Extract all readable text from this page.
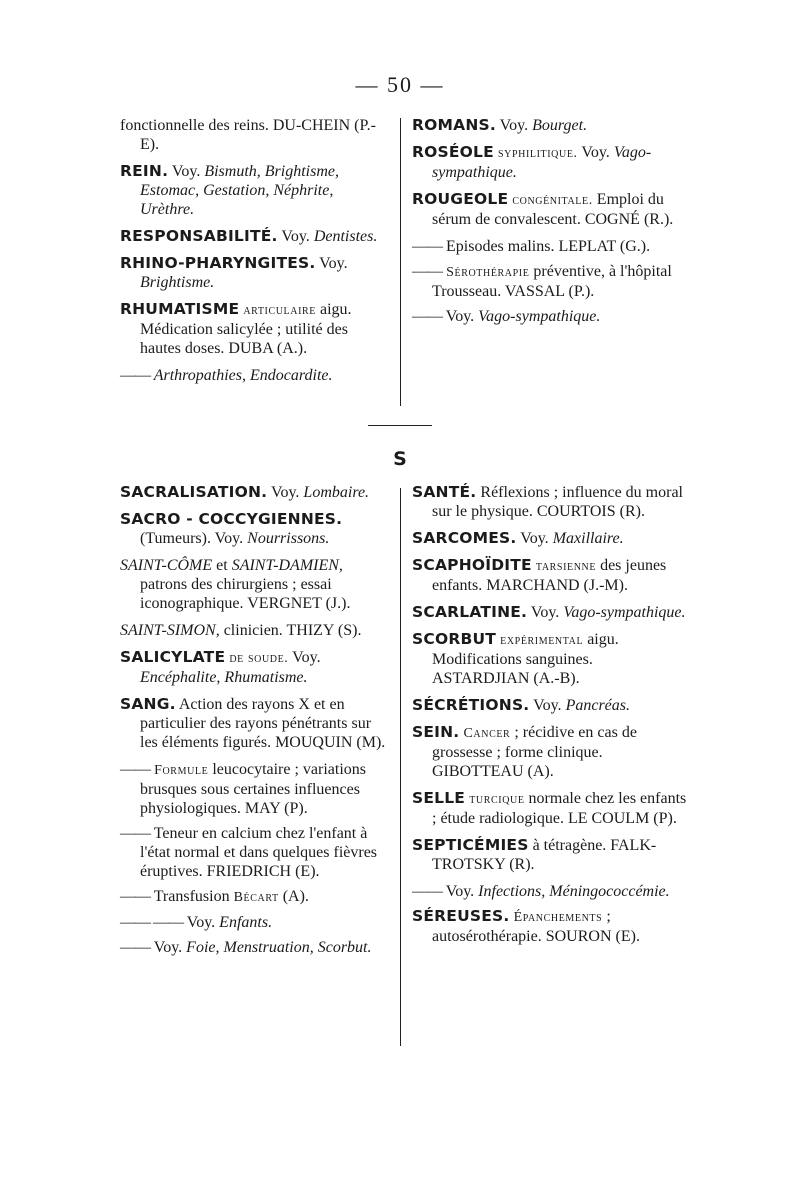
— 50 —
S
fonctionnelle des reins. DU-CHEIN (P.-E).
REIN. Voy. Bismuth, Brightisme, Estomac, Gestation, Néphrite, Urèthre.
RESPONSABILITÉ. Voy. Dentistes.
RHINO-PHARYNGITES. Voy. Brightisme.
RHUMATISME articulaire aigu. Médication salicylée ; utilité des hautes doses. DUBA (A.).
—— Arthropathies, Endocardite.
ROMANS. Voy. Bourget.
ROSÉOLE syphilitique. Voy. Vago-sympathique.
ROUGEOLE congénitale. Emploi du sérum de convalescent. COGNÉ (R.).
—— Episodes malins. LEPLAT (G.).
—— Sérothérapie préventive, à l'hôpital Trousseau. VASSAL (P.).
—— Voy. Vago-sympathique.
SACRALISATION. Voy. Lombaire.
SACRO - COCCYGIENNES. (Tumeurs). Voy. Nourrissons.
SAINT-CÔME et SAINT-DAMIEN, patrons des chirurgiens ; essai iconographique. VERGNET (J.).
SAINT-SIMON, clinicien. THIZY (S).
SALICYLATE de soude. Voy. Encéphalite, Rhumatisme.
SANG. Action des rayons X et en particulier des rayons pénétrants sur les éléments figurés. MOUQUIN (M).
—— Formule leucocytaire ; variations brusques sous certaines influences physiologiques. MAY (P).
—— Teneur en calcium chez l'enfant à l'état normal et dans quelques fièvres éruptives. FRIEDRICH (E).
—— Transfusion Bécart (A).
—— —— Voy. Enfants.
—— Voy. Foie, Menstruation, Scorbut.
SANTÉ. Réflexions ; influence du moral sur le physique. COURTOIS (R).
SARCOMES. Voy. Maxillaire.
SCAPHOÏDITE tarsienne des jeunes enfants. MARCHAND (J.-M).
SCARLATINE. Voy. Vago-sympathique.
SCORBUT expérimental aigu. Modifications sanguines. ASTARDJIAN (A.-B).
SÉCRÉTIONS. Voy. Pancréas.
SEIN. Cancer ; récidive en cas de grossesse ; forme clinique. GIBOTTEAU (A).
SELLE turcique normale chez les enfants ; étude radiologique. LE COULM (P).
SEPTICÉMIES à tétragène. FALK-TROTSKY (R).
—— Voy. Infections, Méningococcémie.
SÉREUSES. Épanchements ; autosérothérapie. SOURON (E).
